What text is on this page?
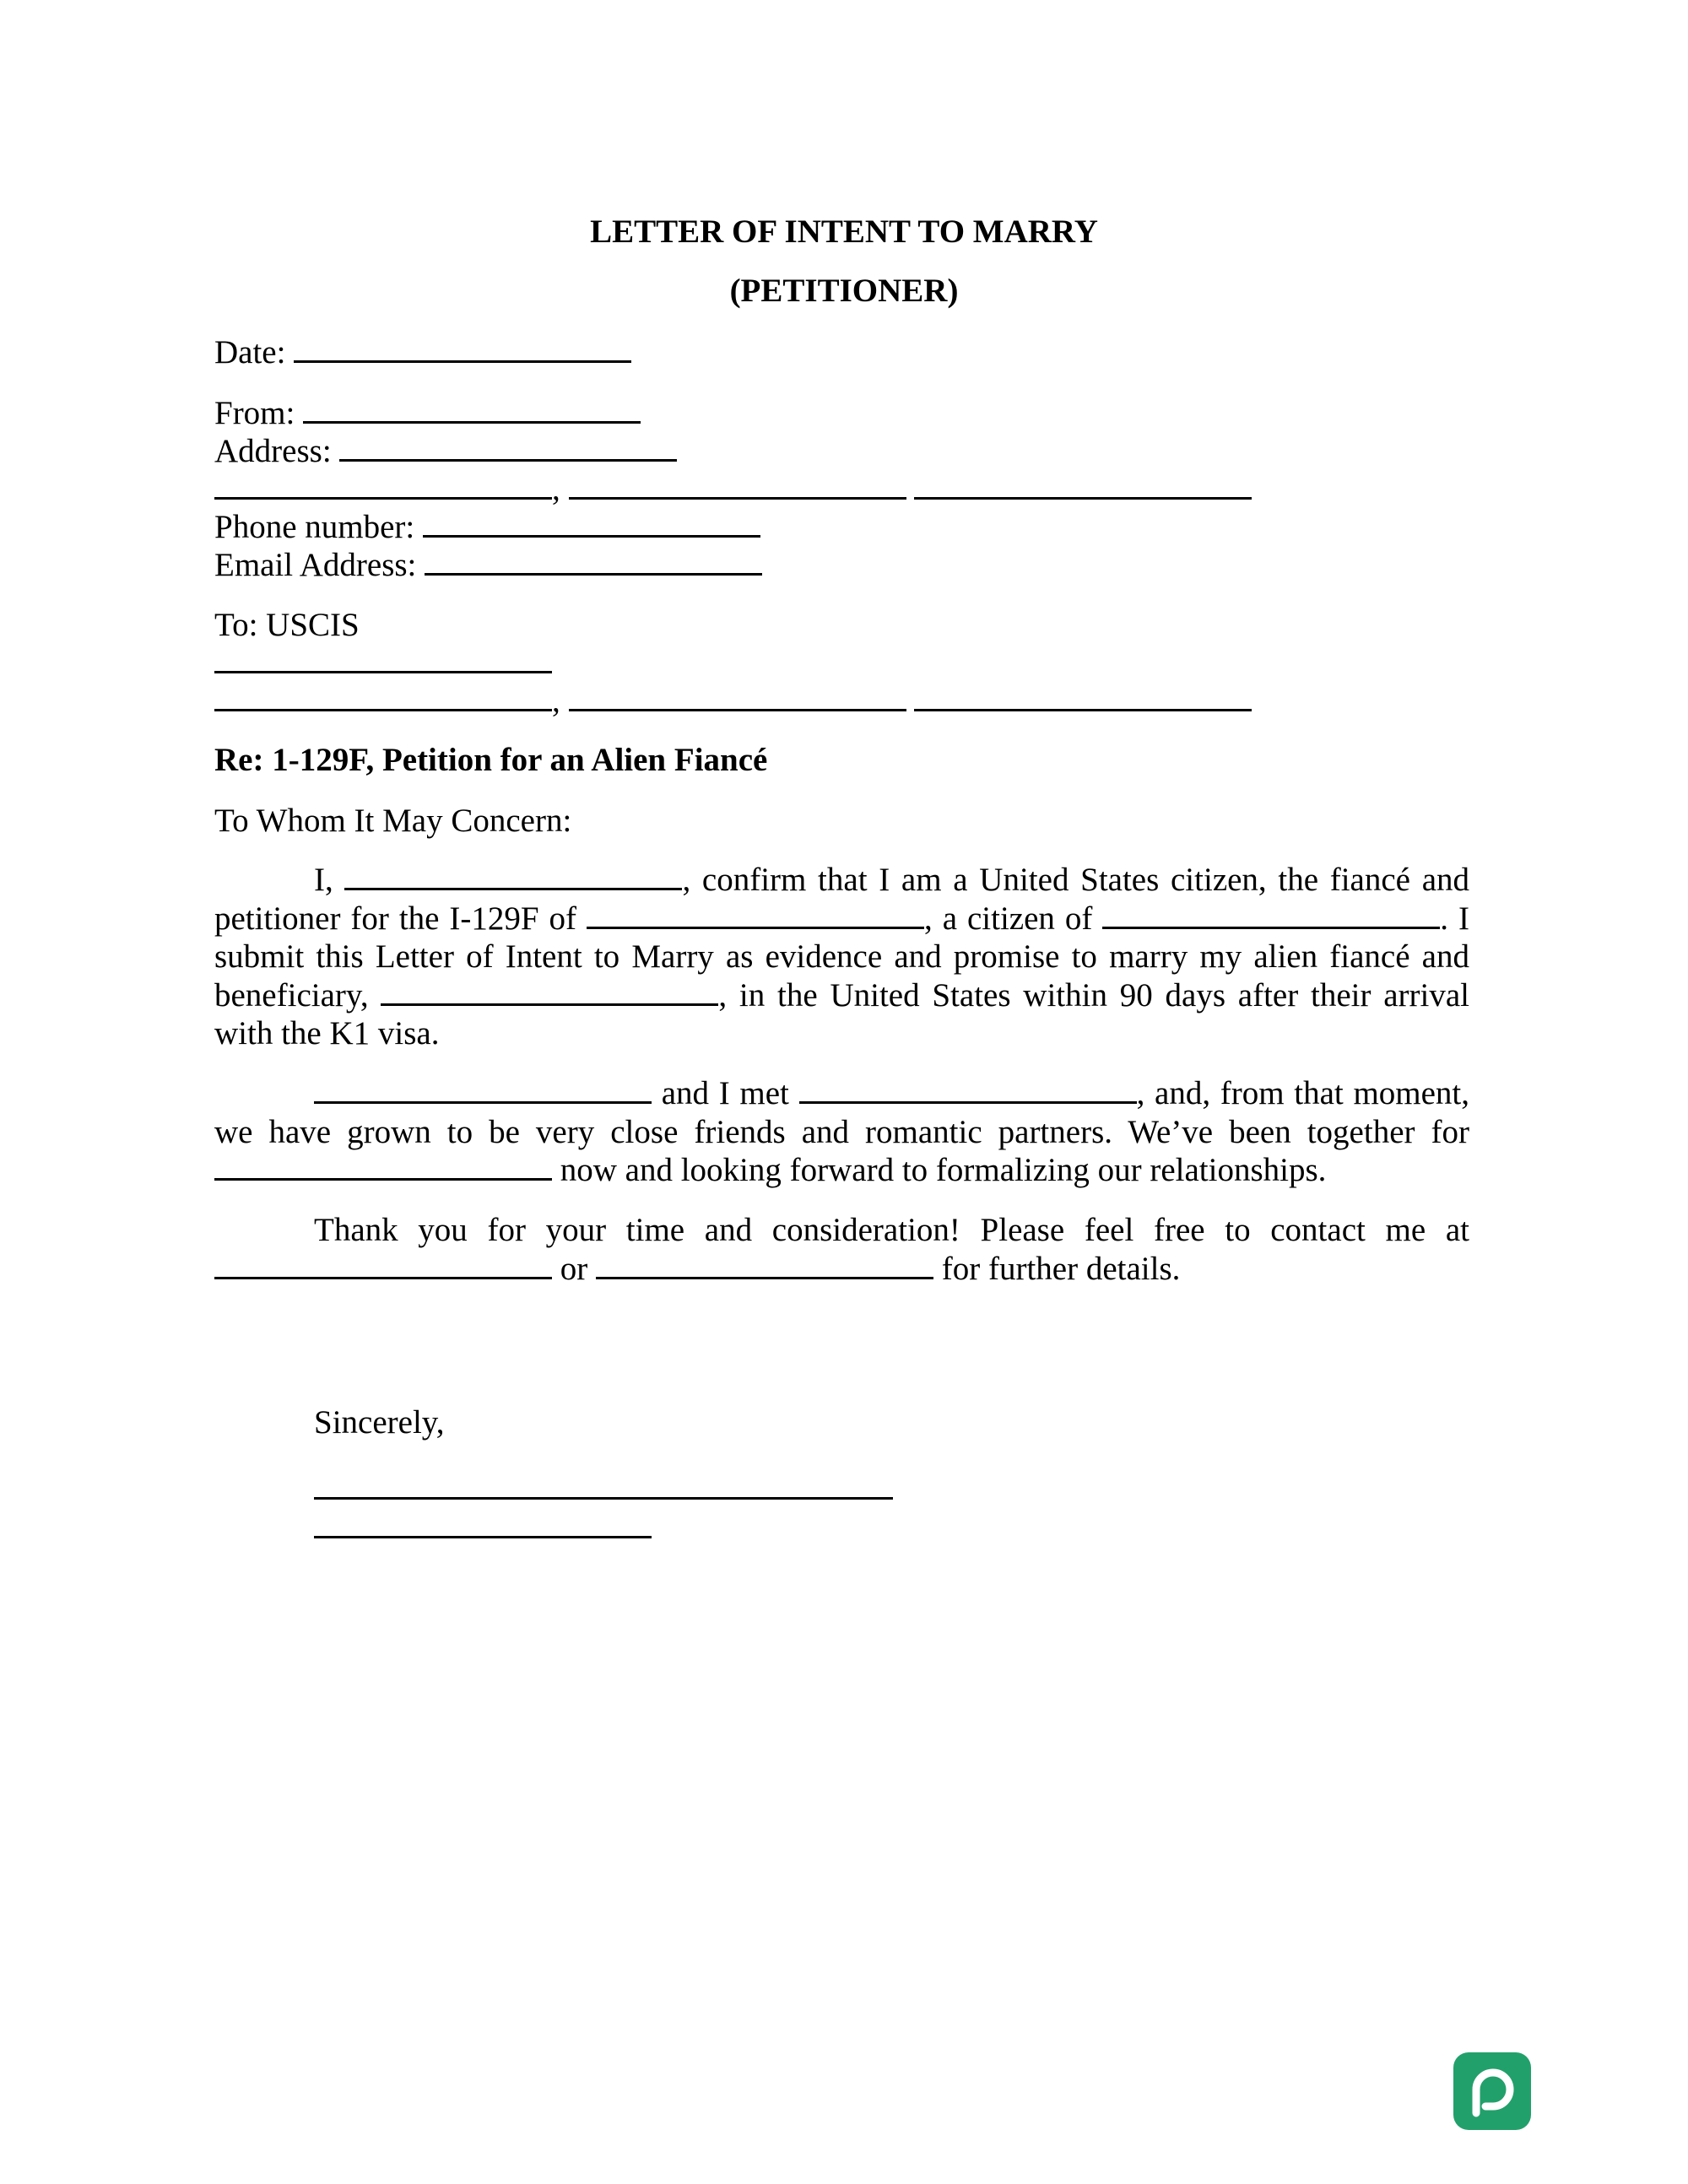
LETTER OF INTENT TO MARRY
(PETITIONER)
Date:
From:
Address:
,
Phone number:
Email Address:
To: USCIS
,
Re: 1-129F, Petition for an Alien Fiancé
To Whom It May Concern:
I,	, confirm that I am a United States citizen, the fiancé and
petitioner for the I-129F of	, a citizen of	. I
submit this Letter of Intent to Marry as evidence and promise to marry my alien fiancé and
beneficiary,	, in the United States within 90 days after their arrival
with the K1 visa.
and I met	, and, from that moment,
we have grown to be very close friends and romantic partners. We’ve been together for
now and looking forward to formalizing our relationships.
Thank you for your time and consideration! Please feel free to contact me at
or	for further details.
Sincerely,
